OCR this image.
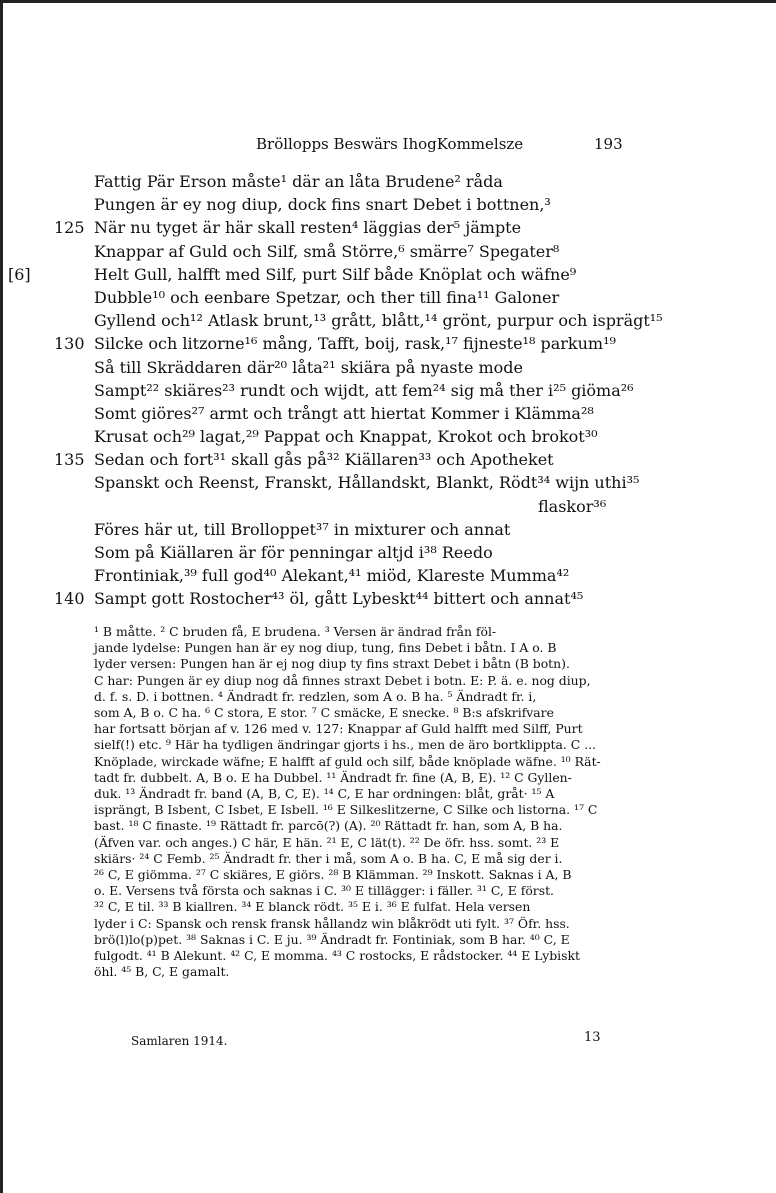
Bröllopps Beswärs IhogKommelsze	193
Fattig Pär Erson måste¹ där an låta Brudene² råda
Pungen är ey nog diup, dock fins snart Debet i bottnen,³
125 När nu tyget är här skall resten⁴ läggias der⁵ jämpte
Knappar af Guld och Silf, små Större,⁶ smärre⁷ Spegater⁸
[6]	Helt Gull, halfft med Silf, purt Silf både Knöplat och wäfne⁹
Dubble¹⁰ och eenbare Spetzar, och ther till fina¹¹ Galoner
Gyllend och¹² Atlask brunt,¹³ grått, blått,¹⁴ grönt, purpur och isprägt¹⁵
130 Silcke och litzorne¹⁶ mång, Tafft, boij, rask,¹⁷ fijneste¹⁸ parkum¹⁹
Så till Skräddaren där²⁰ låta²¹ skiära på nyaste mode
Sampt²² skiäres²³ rundt och wijdt, att fem²⁴ sig må ther i²⁵ giöma²⁶
Somt giöres²⁷ armt och trångt att hiertat Kommer i Klämma²⁸
Krusat och²⁹ lagat,²⁹ Pappat och Knappat, Krokot och brokot³⁰
135 Sedan och fort³¹ skall gås på³² Kiällaren³³ och Apotheket
Spanskt och Reenst, Franskt, Hållandskt, Blankt, Rödt³⁴ wijn uthi³⁵
flaskor³⁶
Föres här ut, till Brolloppet³⁷ in mixturer och annat
Som på Kiällaren är för penningar altjd i³⁸ Reedo
Frontiniak,³⁹ full god⁴⁰ Alekant,⁴¹ miöd, Klareste Mumma⁴²
140 Sampt gott Rostocher⁴³ öl, gått Lybeskt⁴⁴ bittert och annat⁴⁵

¹ B måtte. ² C bruden få, E brudena. ³ Versen är ändrad från föl-

jande lydelse: Pungen han är ey nog diup, tung, fins Debet i båtn. I A o. B

lyder versen: Pungen han är ej nog diup ty fins straxt Debet i båtn (B botn).

C har: Pungen är ey diup nog då finnes straxt Debet i botn. E: P. ä. e. nog diup,

d. f. s. D. i bottnen. ⁴ Ändradt fr. redzlen, som A o. B ha. ⁵ Ändradt fr. i,

som A, B o. C ha. ⁶ C stora, E stor. ⁷ C smäcke, E snecke. ⁸ B:s afskrifvare

har fortsatt början af v. 126 med v. 127: Knappar af Guld halfft med Silff, Purt

sielf(!) etc. ⁹ Här ha tydligen ändringar gjorts i hs., men de äro bortklippta. C ...

Knöplade, wirckade wäfne; E halfft af guld och silf, både knöplade wäfne. ¹⁰ Rät-

tadt fr. dubbelt. A, B o. E ha Dubbel. ¹¹ Ändradt fr. fine (A, B, E). ¹² C Gyllen-

duk. ¹³ Ändradt fr. band (A, B, C, E). ¹⁴ C, E har ordningen: blåt, gråt· ¹⁵ A

isprängt, B Isbent, C Isbet, E Isbell. ¹⁶ E Silkeslitzerne, C Silke och listorna. ¹⁷ C

bast. ¹⁸ C finaste. ¹⁹ Rättadt fr. parcō(?) (A). ²⁰ Rättadt fr. han, som A, B ha.

(Äfven var. och anges.) C här, E hän. ²¹ E, C lät(t). ²² De öfr. hss. somt. ²³ E

skiärs· ²⁴ C Femb. ²⁵ Ändradt fr. ther i må, som A o. B ha. C, E må sig der i.

²⁶ C, E giömma. ²⁷ C skiäres, E giörs. ²⁸ B Klämman. ²⁹ Inskott. Saknas i A, B

o. E. Versens två första och saknas i C. ³⁰ E tillägger: i fäller. ³¹ C, E först.

³² C, E til. ³³ B kiallren. ³⁴ E blanck rödt. ³⁵ E i. ³⁶ E fulfat. Hela versen

lyder i C: Spansk och rensk fransk hållandz win blåkrödt uti fylt. ³⁷ Öfr. hss.

brö(l)lo(p)pet. ³⁸ Saknas i C. E ju. ³⁹ Ändradt fr. Fontiniak, som B har. ⁴⁰ C, E

fulgodt. ⁴¹ B Alekunt. ⁴² C, E momma. ⁴³ C rostocks, E rådstocker. ⁴⁴ E Lybiskt

öhl. ⁴⁵ B, C, E gamalt.

Samlaren 1914.	13
